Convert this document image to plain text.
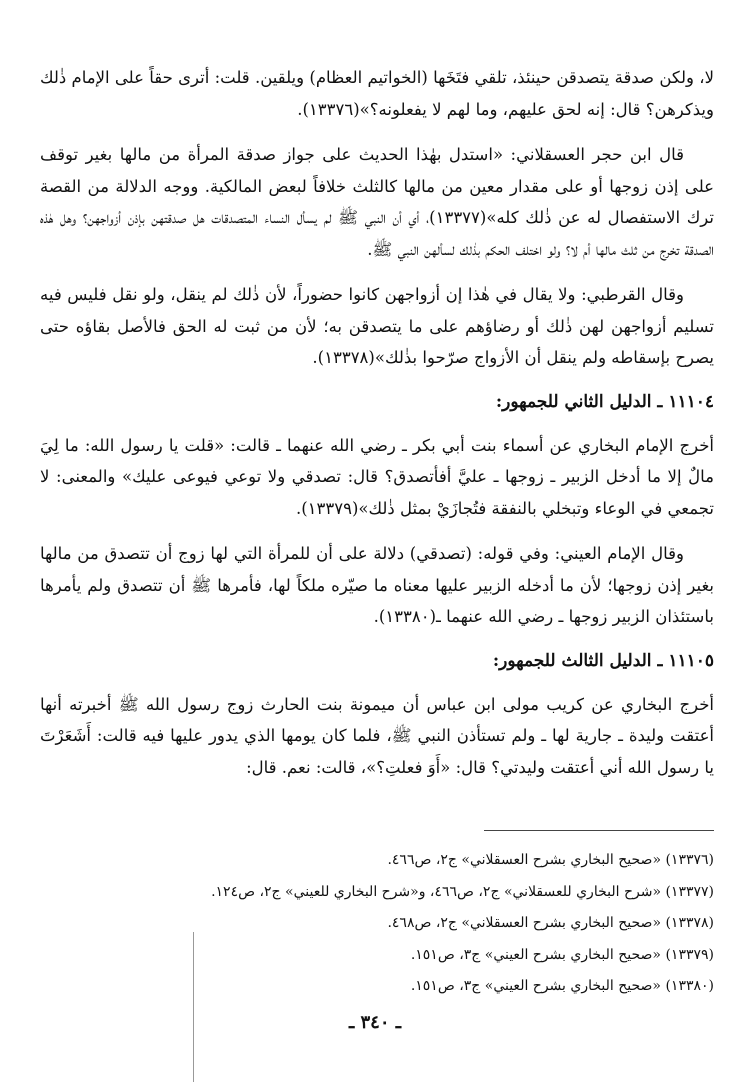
لا، ولكن صدقة يتصدقن حينئذ، تلقي فتَخَها (الخواتيم العظام) ويلقين. قلت: أترى حقاً على الإمام ذٰلك ويذكرهن؟ قال: إنه لحق عليهم، وما لهم لا يفعلونه؟»(١٣٣٧٦).

قال ابن حجر العسقلاني: «استدل بهٰذا الحديث على جواز صدقة المرأة من مالها بغير توقف على إذن زوجها أو على مقدار معين من مالها كالثلث خلافاً لبعض المالكية. ووجه الدلالة من القصة ترك الاستفصال له عن ذٰلك كله»(١٣٣٧٧)، أي أن النبي ﷺ لم يسأل النساء المتصدقات هل صدقتهن بإذن أزواجهن؟ وهل هٰذه الصدقة تخرج من ثلث مالها أم لا؟ ولو اختلف الحكم بذٰلك لسألهن النبي ﷺ.

وقال القرطبي: ولا يقال في هٰذا إن أزواجهن كانوا حضوراً، لأن ذٰلك لم ينقل، ولو نقل فليس فيه تسليم أزواجهن لهن ذٰلك أو رضاؤهم على ما يتصدقن به؛ لأن من ثبت له الحق فالأصل بقاؤه حتى يصرح بإسقاطه ولم ينقل أن الأزواج صرّحوا بذٰلك»(١٣٣٧٨).

١١١٠٤ ـ الدليل الثاني للجمهور:

أخرج الإمام البخاري عن أسماء بنت أبي بكر ـ رضي الله عنهما ـ قالت: «قلت يا رسول الله: ما لِيَ مالٌ إلا ما أدخل الزبير ـ زوجها ـ عليَّ أفأتصدق؟ قال: تصدقي ولا توعي فيوعى عليك» والمعنى: لا تجمعي في الوعاء وتبخلي بالنفقة فتُجازَيْ بمثل ذٰلك»(١٣٣٧٩).

وقال الإمام العيني: وفي قوله: (تصدقي) دلالة على أن للمرأة التي لها زوج أن تتصدق من مالها بغير إذن زوجها؛ لأن ما أدخله الزبير عليها معناه ما صيّره ملكاً لها، فأمرها ﷺ أن تتصدق ولم يأمرها باستئذان الزبير زوجها ـ رضي الله عنهما ـ(١٣٣٨٠).

١١١٠٥ ـ الدليل الثالث للجمهور:

أخرج البخاري عن كريب مولى ابن عباس أن ميمونة بنت الحارث زوج رسول الله ﷺ أخبرته أنها أعتقت وليدة ـ جارية لها ـ ولم تستأذن النبي ﷺ، فلما كان يومها الذي يدور عليها فيه قالت: أَشَعَرْتَ يا رسول الله أني أعتقت وليدتي؟ قال: «أَوَ فعلتِ؟»، قالت: نعم. قال:

(١٣٣٧٦) «صحيح البخاري بشرح العسقلاني» ج٢، ص٤٦٦.

(١٣٣٧٧) «شرح البخاري للعسقلاني» ج٢، ص٤٦٦، و«شرح البخاري للعيني» ج٢، ص١٢٤.

(١٣٣٧٨) «صحيح البخاري بشرح العسقلاني» ج٢، ص٤٦٨.

(١٣٣٧٩) «صحيح البخاري بشرح العيني» ج٣، ص١٥١.

(١٣٣٨٠) «صحيح البخاري بشرح العيني» ج٣، ص١٥١.

ـ ٣٤٠ ـ
